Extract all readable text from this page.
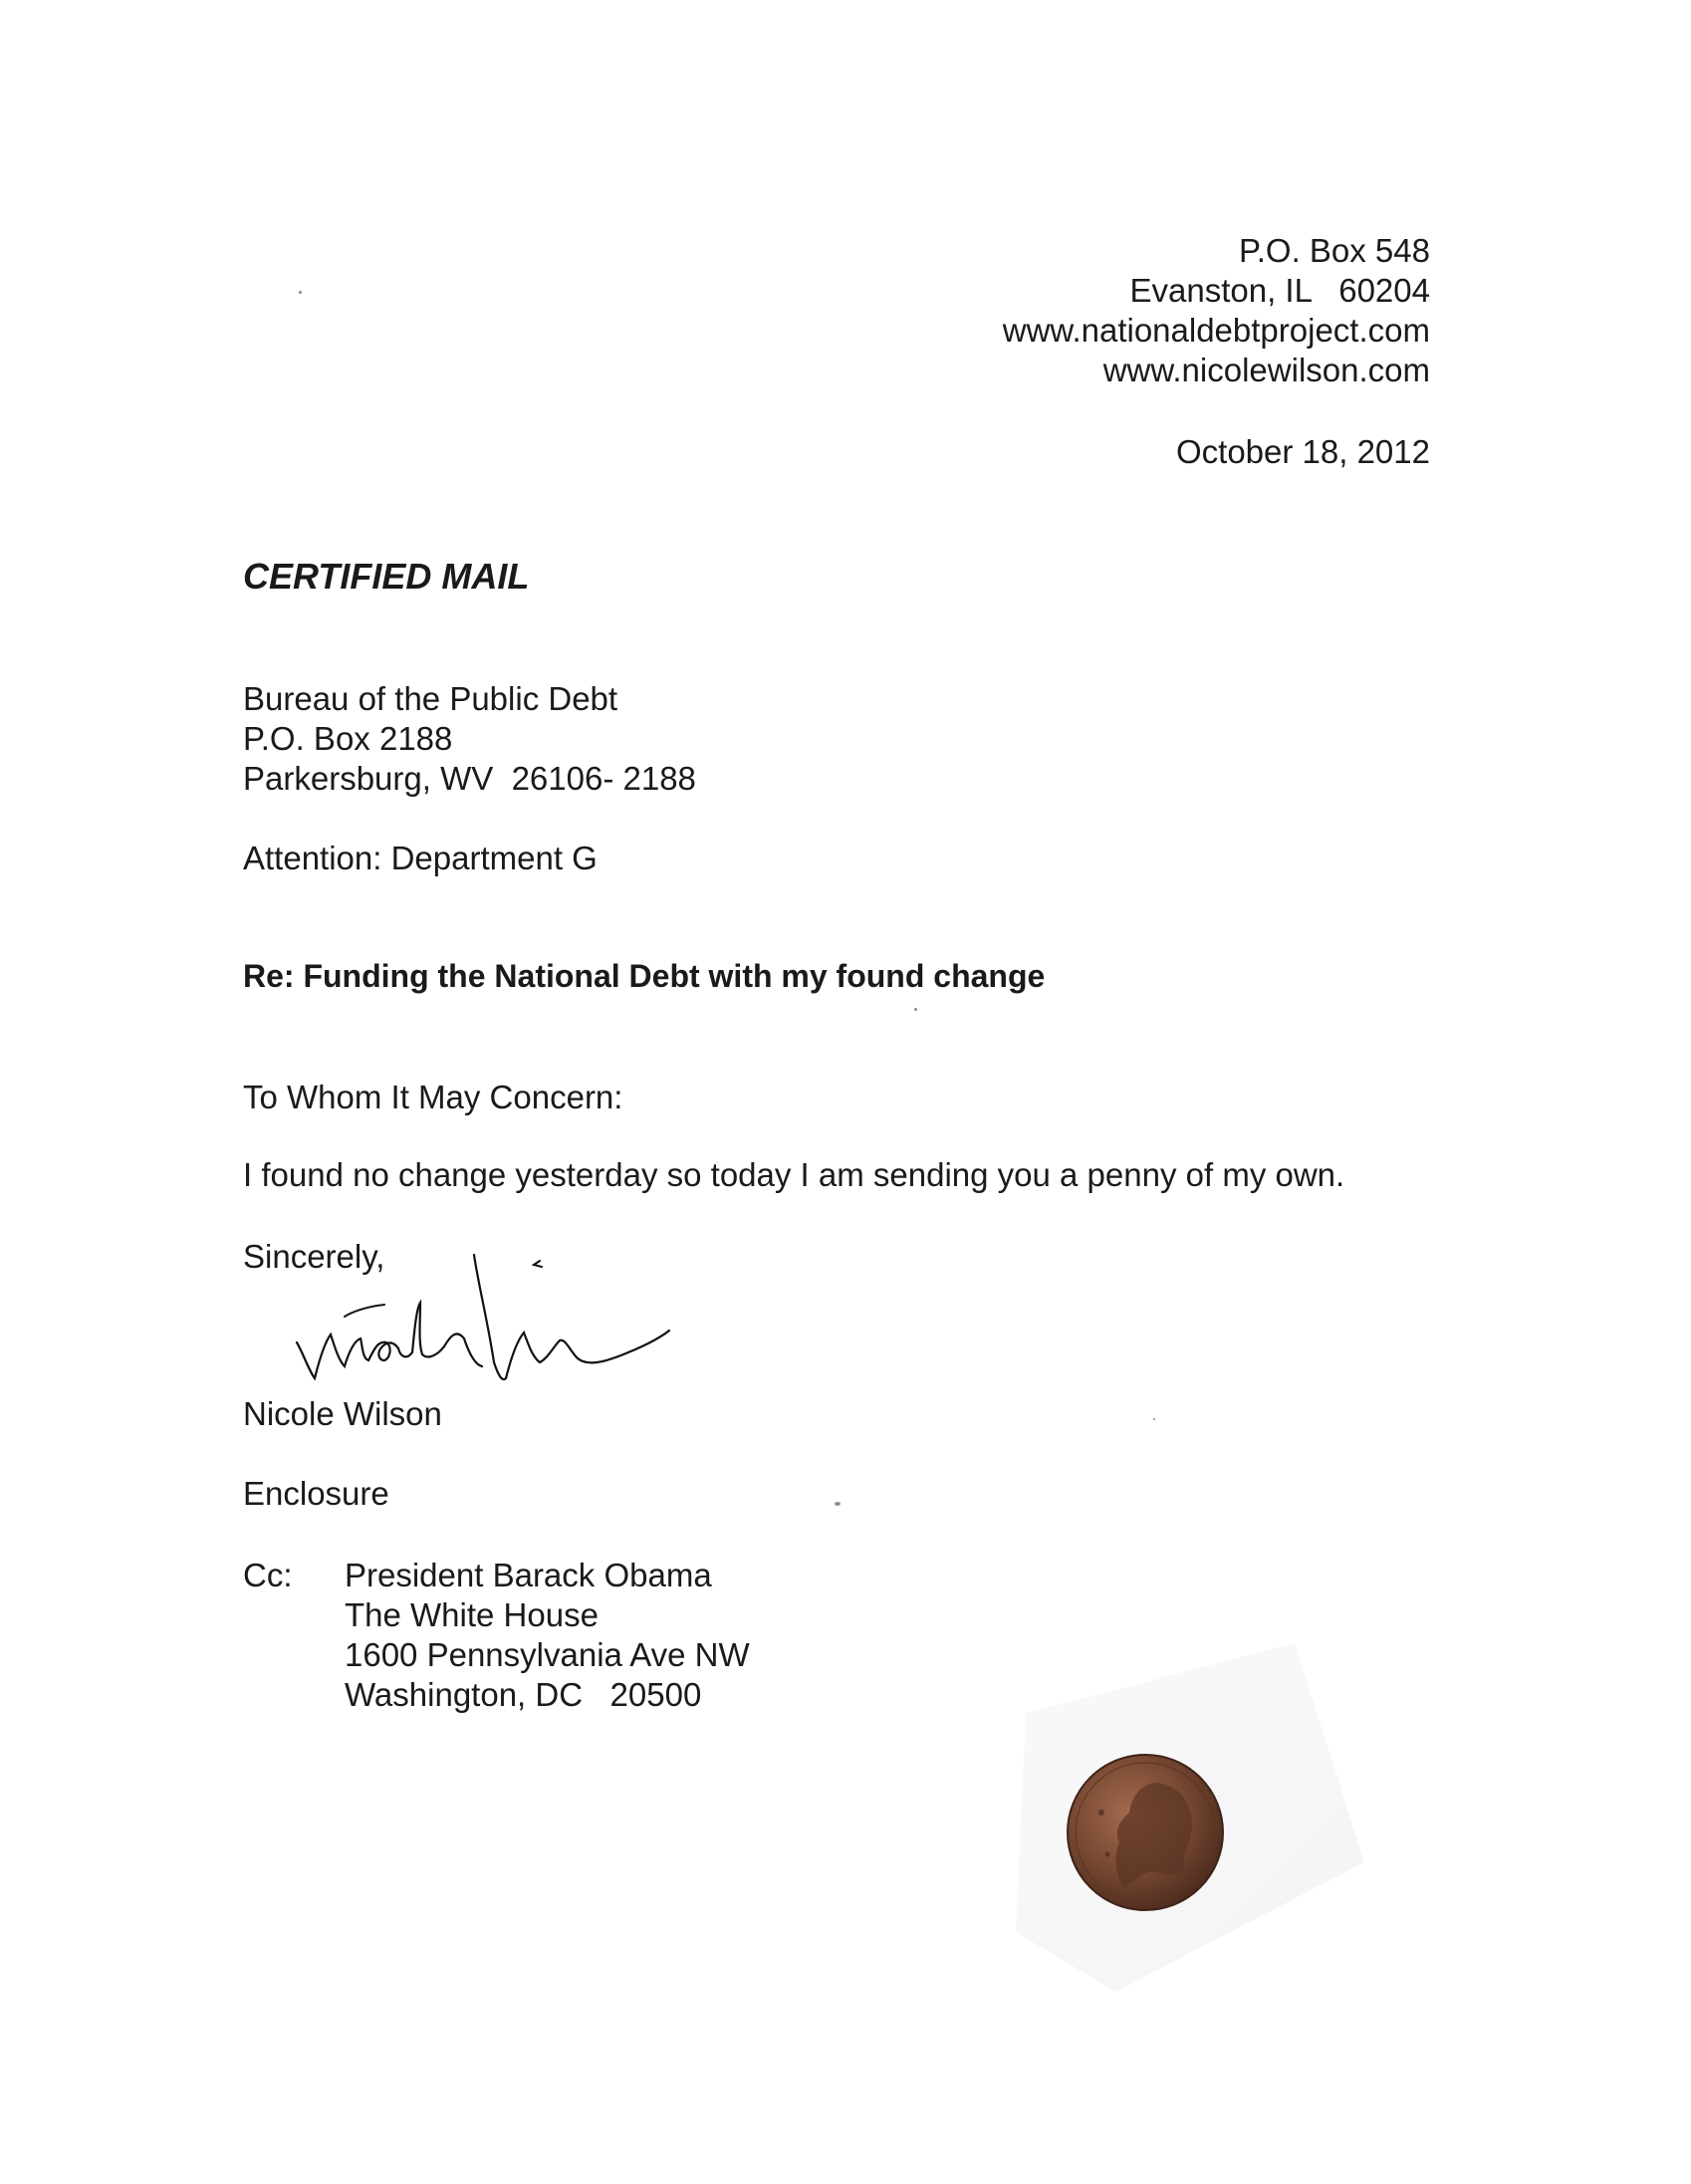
P.O. Box 548
Evanston, IL   60204
www.nationaldebtproject.com
www.nicolewilson.com
October 18, 2012
CERTIFIED MAIL
Bureau of the Public Debt
P.O. Box 2188
Parkersburg, WV  26106- 2188
Attention: Department G
Re: Funding the National Debt with my found change
To Whom It May Concern:
I found no change yesterday so today I am sending you a penny of my own.
Sincerely,
Nicole Wilson
Enclosure
Cc: President Barack Obama
The White House
1600 Pennsylvania Ave NW
Washington, DC   20500
